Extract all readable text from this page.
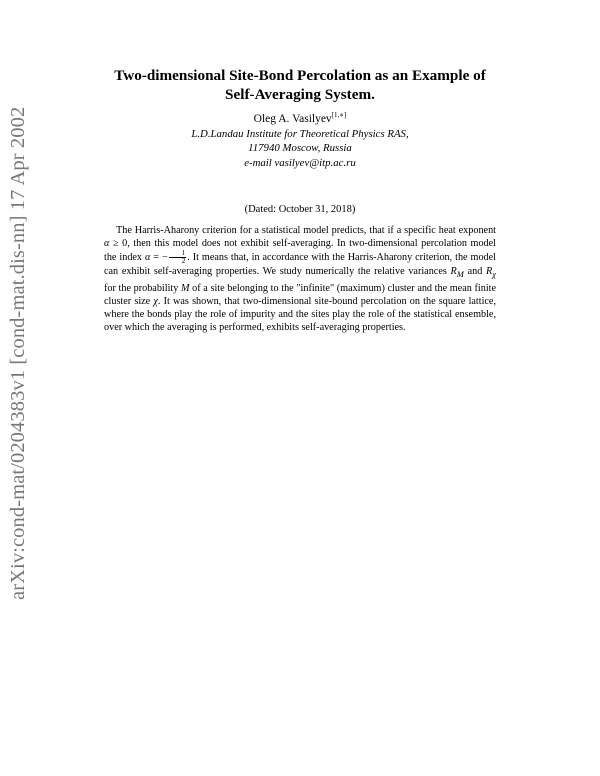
arXiv:cond-mat/0204383v1 [cond-mat.dis-nn] 17 Apr 2002
Two-dimensional Site-Bond Percolation as an Example of
Self-Averaging System.
Oleg A. Vasilyev[1,∗]
L.D.Landau Institute for Theoretical Physics RAS,
117940 Moscow, Russia
e-mail vasilyev@itp.ac.ru
(Dated: October 31, 2018)
The Harris-Aharony criterion for a statistical model predicts, that if a specific heat exponent α ≥ 0, then this model does not exhibit self-averaging. In two-dimensional percolation model the index α = − $\frac{1}{2}$ . It means that, in accordance with the Harris-Aharony criterion, the model can exhibit self-averaging properties. We study numerically the relative variances $R_M$ and $R_\chi$ for the probability M of a site belonging to the "infinite" (maximum) cluster and the mean finite cluster size χ. It was shown, that two-dimensional site-bound percolation on the square lattice, where the bonds play the role of impurity and the sites play the role of the statistical ensemble, over which the averaging is performed, exhibits self-averaging properties.
